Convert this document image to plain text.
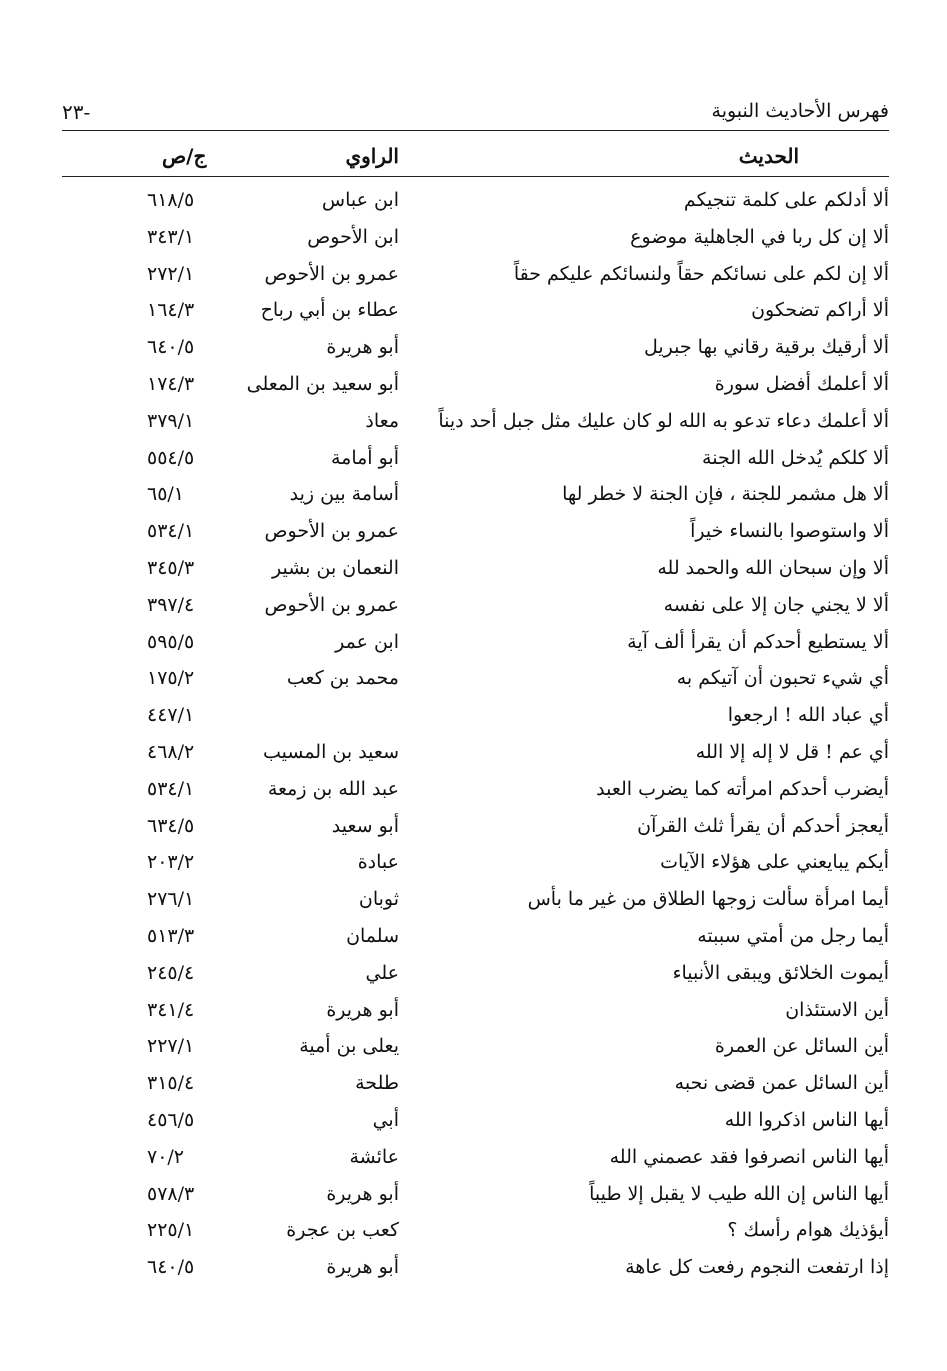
فهرس الأحاديث النبوية
-٢٣
الحديث
الراوي
ج/ص
ألا أدلكم على كلمة تنجيكم
ابن عباس
٦١٨/٥
ألا إن كل ربا في الجاهلية موضوع
ابن الأحوص
٣٤٣/١
ألا إن لكم على نسائكم حقاً ولنسائكم عليكم حقاً
عمرو بن الأحوص
٢٧٢/١
ألا أراكم تضحكون
عطاء بن أبي رباح
١٦٤/٣
ألا أرقيك برقية رقاني بها جبريل
أبو هريرة
٦٤٠/٥
ألا أعلمك أفضل سورة
أبو سعيد بن المعلى
١٧٤/٣
ألا أعلمك دعاء تدعو به الله لو كان عليك مثل جبل أحد ديناً
معاذ
٣٧٩/١
ألا كلكم يُدخل الله الجنة
أبو أمامة
٥٥٤/٥
ألا هل مشمر للجنة ، فإن الجنة لا خطر لها
أسامة بين زيد
٦٥/١
ألا واستوصوا بالنساء خيراً
عمرو بن الأحوص
٥٣٤/١
ألا وإن سبحان الله والحمد لله
النعمان بن بشير
٣٤٥/٣
ألا لا يجني جان إلا على نفسه
عمرو بن الأحوص
٣٩٧/٤
ألا يستطيع أحدكم أن يقرأ ألف آية
ابن عمر
٥٩٥/٥
أي شيء تحبون أن آتيكم به
محمد بن كعب
١٧٥/٢
أي عباد الله ! ارجعوا
٤٤٧/١
أي عم ! قل لا إله إلا الله
سعيد بن المسيب
٤٦٨/٢
أيضرب أحدكم امرأته كما يضرب العبد
عبد الله بن زمعة
٥٣٤/١
أيعجز أحدكم أن يقرأ ثلث القرآن
أبو سعيد
٦٣٤/٥
أيكم يبايعني على هؤلاء الآيات
عبادة
٢٠٣/٢
أيما امرأة سألت زوجها الطلاق من غير ما بأس
ثوبان
٢٧٦/١
أيما رجل من أمتي سببته
سلمان
٥١٣/٣
أيموت الخلائق ويبقى الأنبياء
علي
٢٤٥/٤
أين الاستئذان
أبو هريرة
٣٤١/٤
أين السائل عن العمرة
يعلى بن أمية
٢٢٧/١
أين السائل عمن قضى نحبه
طلحة
٣١٥/٤
أيها الناس اذكروا الله
أبي
٤٥٦/٥
أيها الناس انصرفوا فقد عصمني الله
عائشة
٧٠/٢
أيها الناس إن الله طيب لا يقبل إلا طيباً
أبو هريرة
٥٧٨/٣
أيؤذيك هوام رأسك ؟
كعب بن عجرة
٢٢٥/١
إذا ارتفعت النجوم رفعت كل عاهة
أبو هريرة
٦٤٠/٥
